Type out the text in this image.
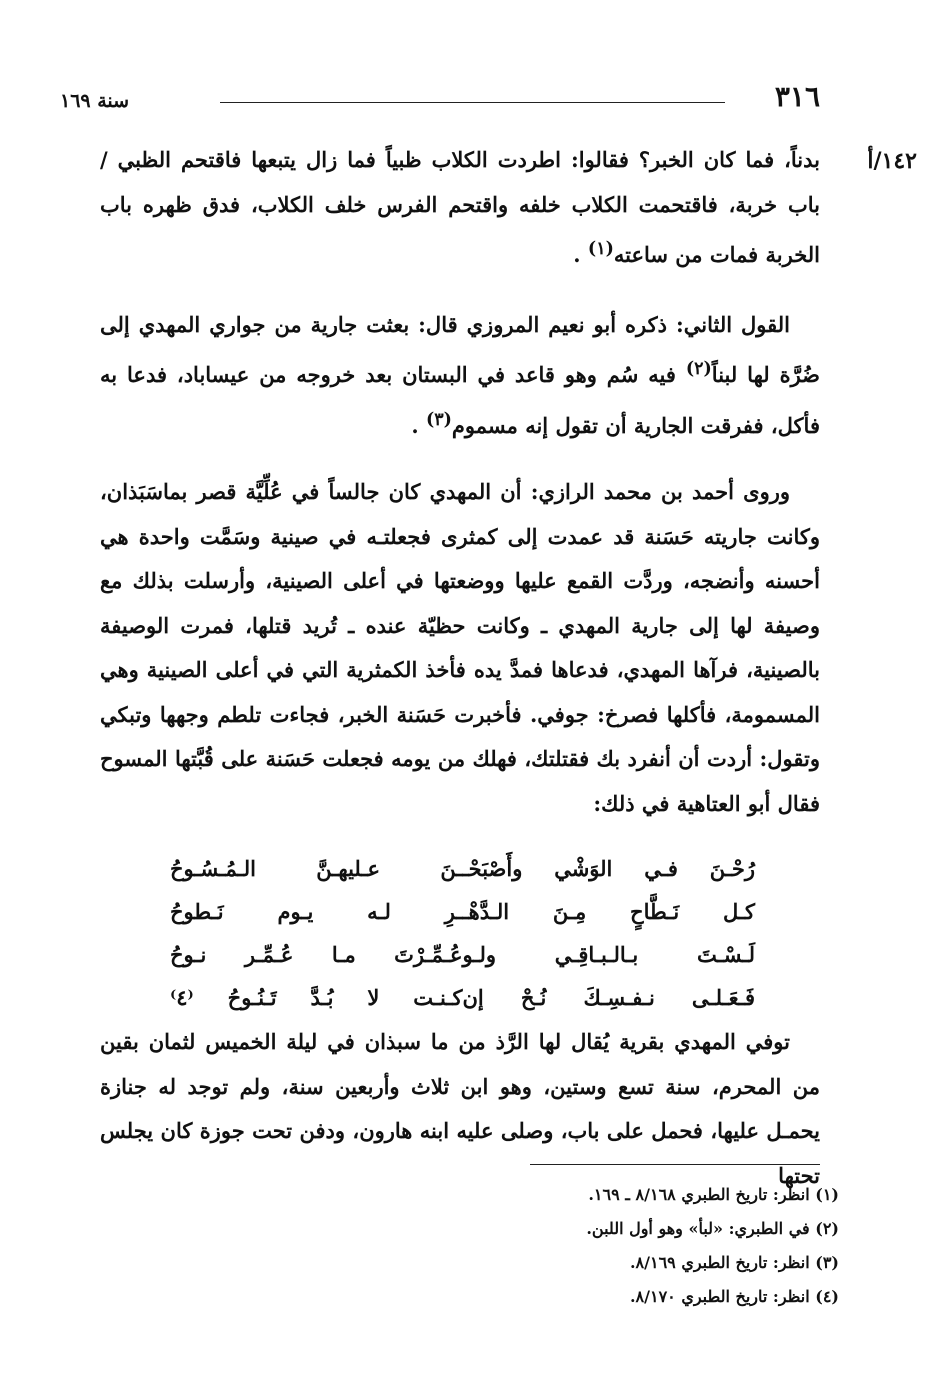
٣١٦
سنة ١٦٩
١٤٢/أ

بدناً، فما كان الخبر؟ فقالوا: اطردت الكلاب ظبياً فما زال يتبعها فاقتحم الظبي / باب خربة، فاقتحمت الكلاب خلفه واقتحم الفرس خلف الكلاب، فدق ظهره باب الخربة فمات من ساعته$^{(١)}$ .

القول الثاني: ذكره أبو نعيم المروزي قال: بعثت جارية من جواري المهدي إلى ضُرَّة لها لبناً$^{(٢)}$ فيه سُم وهو قاعد في البستان بعد خروجه من عيساباد، فدعا به فأكل، ففرقت الجارية أن تقول إنه مسموم$^{(٣)}$ .

وروى أحمد بن محمد الرازي: أن المهدي كان جالساً في عُلِّيَّة قصر بماسَبَذان، وكانت جاريته حَسَنة قد عمدت إلى كمثرى فجعلتـه في صينية وسَمَّت واحدة هي أحسنه وأنضجه، وردَّت القمع عليها ووضعتها في أعلى الصينية، وأرسلت بذلك مع وصيفة لها إلى جارية المهدي ـ وكانت حظيّة عنده ـ تُريد قتلها، فمرت الوصيفة بالصينية، فرآها المهدي، فدعاها فمدَّ يده فأخذ الكمثرية التي في أعلى الصينية وهي المسمومة، فأكلها فصرخ: جوفي. فأخبرت حَسَنة الخبر، فجاءت تلطم وجهها وتبكي وتقول: أردت أن أنفرد بك فقتلتك، فهلك من يومه فجعلت حَسَنة على قُبَّتها المسوح فقال أبو العتاهية في ذلك:

رُحْـنَ فـي الوَشْي وأَصْبَحْـ
ـنَ عـليهـنَّ الـمُـسُـوحُ
كـل نَـطَّاحٍ مِـنَ الـدَّهْـ
ـرِ لـه يـوم نَـطوحُ
لَـسْـتَ بـالـبـاقِـي ولـو
عُـمِّـرْتَ مـا عُـمِّـر نـوحُ
فَـعَـلـى نـفـسِـكَ نُـحْ إن
كـنـت لا بُـدَّ تَـنُـوحُ ⁽٤⁾

توفي المهدي بقرية يُقال لها الرَّذ من ما سبذان في ليلة الخميس لثمان بقين من المحرم، سنة تسع وستين، وهو ابن ثلاث وأربعين سنة، ولم توجد له جنازة يحمـل عليها، فحمل على باب، وصلى عليه ابنه هارون، ودفن تحت جوزة كان يجلس تحتها

(١) انظر: تاريخ الطبري ٨/١٦٨ ـ ١٦٩.
(٢) في الطبري: «لبأ» وهو أول اللبن.
(٣) انظر: تاريخ الطبري ٨/١٦٩.
(٤) انظر: تاريخ الطبري ٨/١٧٠.
